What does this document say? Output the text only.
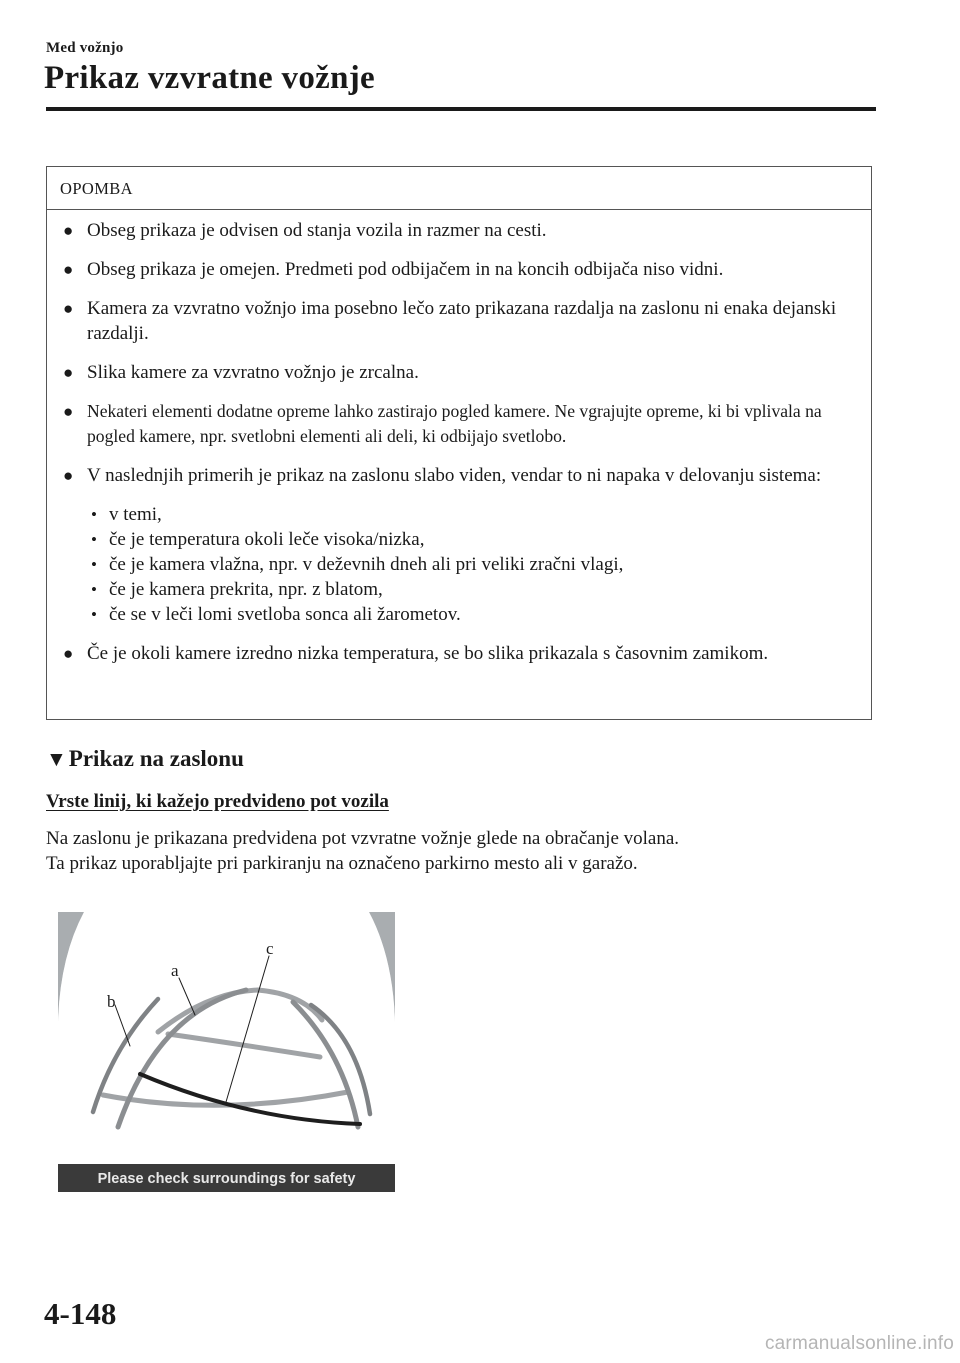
Med vožnjo
Prikaz vzvratne vožnje
OPOMBA
● Obseg prikaza je odvisen od stanja vozila in razmer na cesti.
● Obseg prikaza je omejen. Predmeti pod odbijačem in na koncih odbijača niso vidni.
● Kamera za vzvratno vožnjo ima posebno lečo zato prikazana razdalja na zaslonu ni enaka dejanski razdalji.
● Slika kamere za vzvratno vožnjo je zrcalna.
● Nekateri elementi dodatne opreme lahko zastirajo pogled kamere. Ne vgrajujte opreme, ki bi vplivala na pogled kamere, npr. svetlobni elementi ali deli, ki odbijajo svetlobo.
● V naslednjih primerih je prikaz na zaslonu slabo viden, vendar to ni napaka v delovanju sistema:
• v temi,
• če je temperatura okoli leče visoka/nizka,
• če je kamera vlažna, npr. v deževnih dneh ali pri veliki zračni vlagi,
• če je kamera prekrita, npr. z blatom,
• če se v leči lomi svetloba sonca ali žarometov.
● Če je okoli kamere izredno nizka temperatura, se bo slika prikazala s časovnim zamikom.
▼Prikaz na zaslonu
Vrste linij, ki kažejo predvideno pot vozila

Na zaslonu je prikazana predvidena pot vzvratne vožnje glede na obračanje volana.

Ta prikaz uporabljajte pri parkiranju na označeno parkirno mesto ali v garažo.

b
a
c
Please check surroundings for safety
4-148
carmanualsonline.info
